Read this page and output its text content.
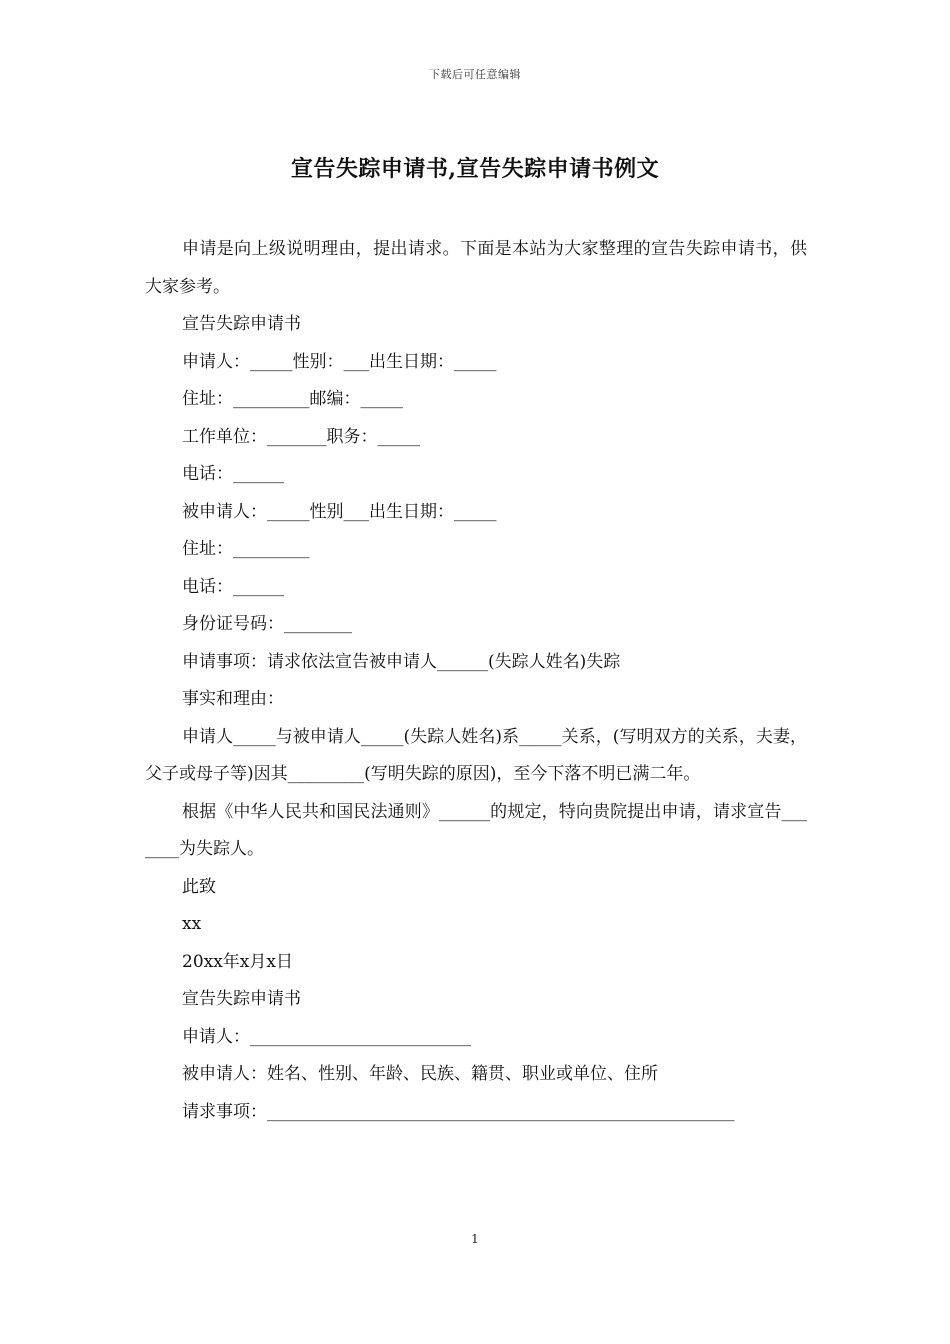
下载后可任意编辑
宣告失踪申请书,宣告失踪申请书例文

申请是向上级说明理由，提出请求。下面是本站为大家整理的宣告失踪申请书，供大家参考。

宣告失踪申请书

申请人：_____性别：___出生日期：_____

住址：_________邮编：_____

工作单位：_______职务：_____

电话：______

被申请人：_____性别___出生日期：_____

住址：_________

电话：______

身份证号码：________

申请事项：请求依法宣告被申请人______(失踪人姓名)失踪

事实和理由：

申请人_____与被申请人_____(失踪人姓名)系_____关系，(写明双方的关系，夫妻，父子或母子等)因其_________(写明失踪的原因)，至今下落不明已满二年。

根据《中华人民共和国民法通则》______的规定，特向贵院提出申请，请求宣告_______为失踪人。

此致

xx

20xx年x月x日

宣告失踪申请书

申请人：__________________________

被申请人：姓名、性别、年龄、民族、籍贯、职业或单位、住所

请求事项：_______________________________________________________

1
